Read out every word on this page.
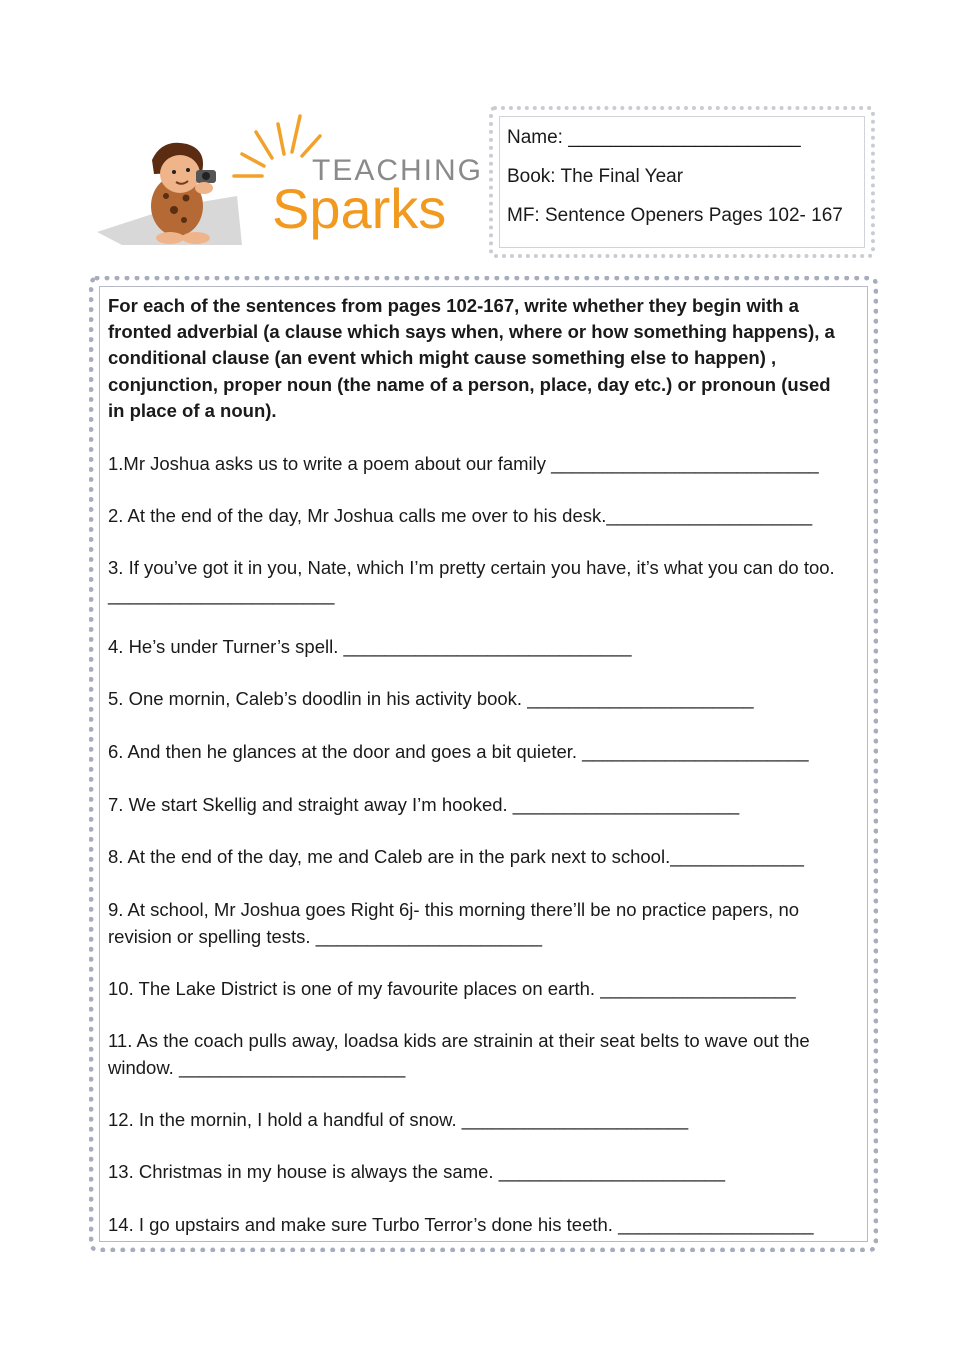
TEACHING
Sparks
Name: ______________________
Book: The Final Year
MF: Sentence Openers Pages 102- 167

For each of the sentences from pages 102-167, write whether they begin with a fronted adverbial (a clause which says when, where or how something happens), a conditional clause (an event which might cause something else to happen) , conjunction, proper noun (the name of a person, place, day etc.) or pronoun (used in place of a noun).

1.Mr Joshua asks us to write a poem about our family __________________________

2. At the end of the day, Mr Joshua calls me over to his desk.____________________

3. If you’ve got it in you, Nate, which I’m pretty certain you have, it’s what you can do too. ______________________

4. He’s under Turner’s spell. ____________________________

5. One mornin, Caleb’s doodlin in his activity book. ______________________

6. And then he glances at the door and goes a bit quieter. ______________________

7. We start Skellig and straight away I’m hooked. ______________________

8. At the end of the day, me and Caleb are in the park next to school._____________

9. At school, Mr Joshua goes Right 6j- this morning there’ll be no practice papers, no revision or spelling tests. ______________________

10. The Lake District is one of my favourite places on earth. ___________________

11. As the coach pulls away, loadsa kids are strainin at their seat belts to wave out the window. ______________________

12. In the mornin, I hold a handful of snow. ______________________

13. Christmas in my house is always the same. ______________________

14. I go upstairs and make sure Turbo Terror’s done his teeth. ___________________
